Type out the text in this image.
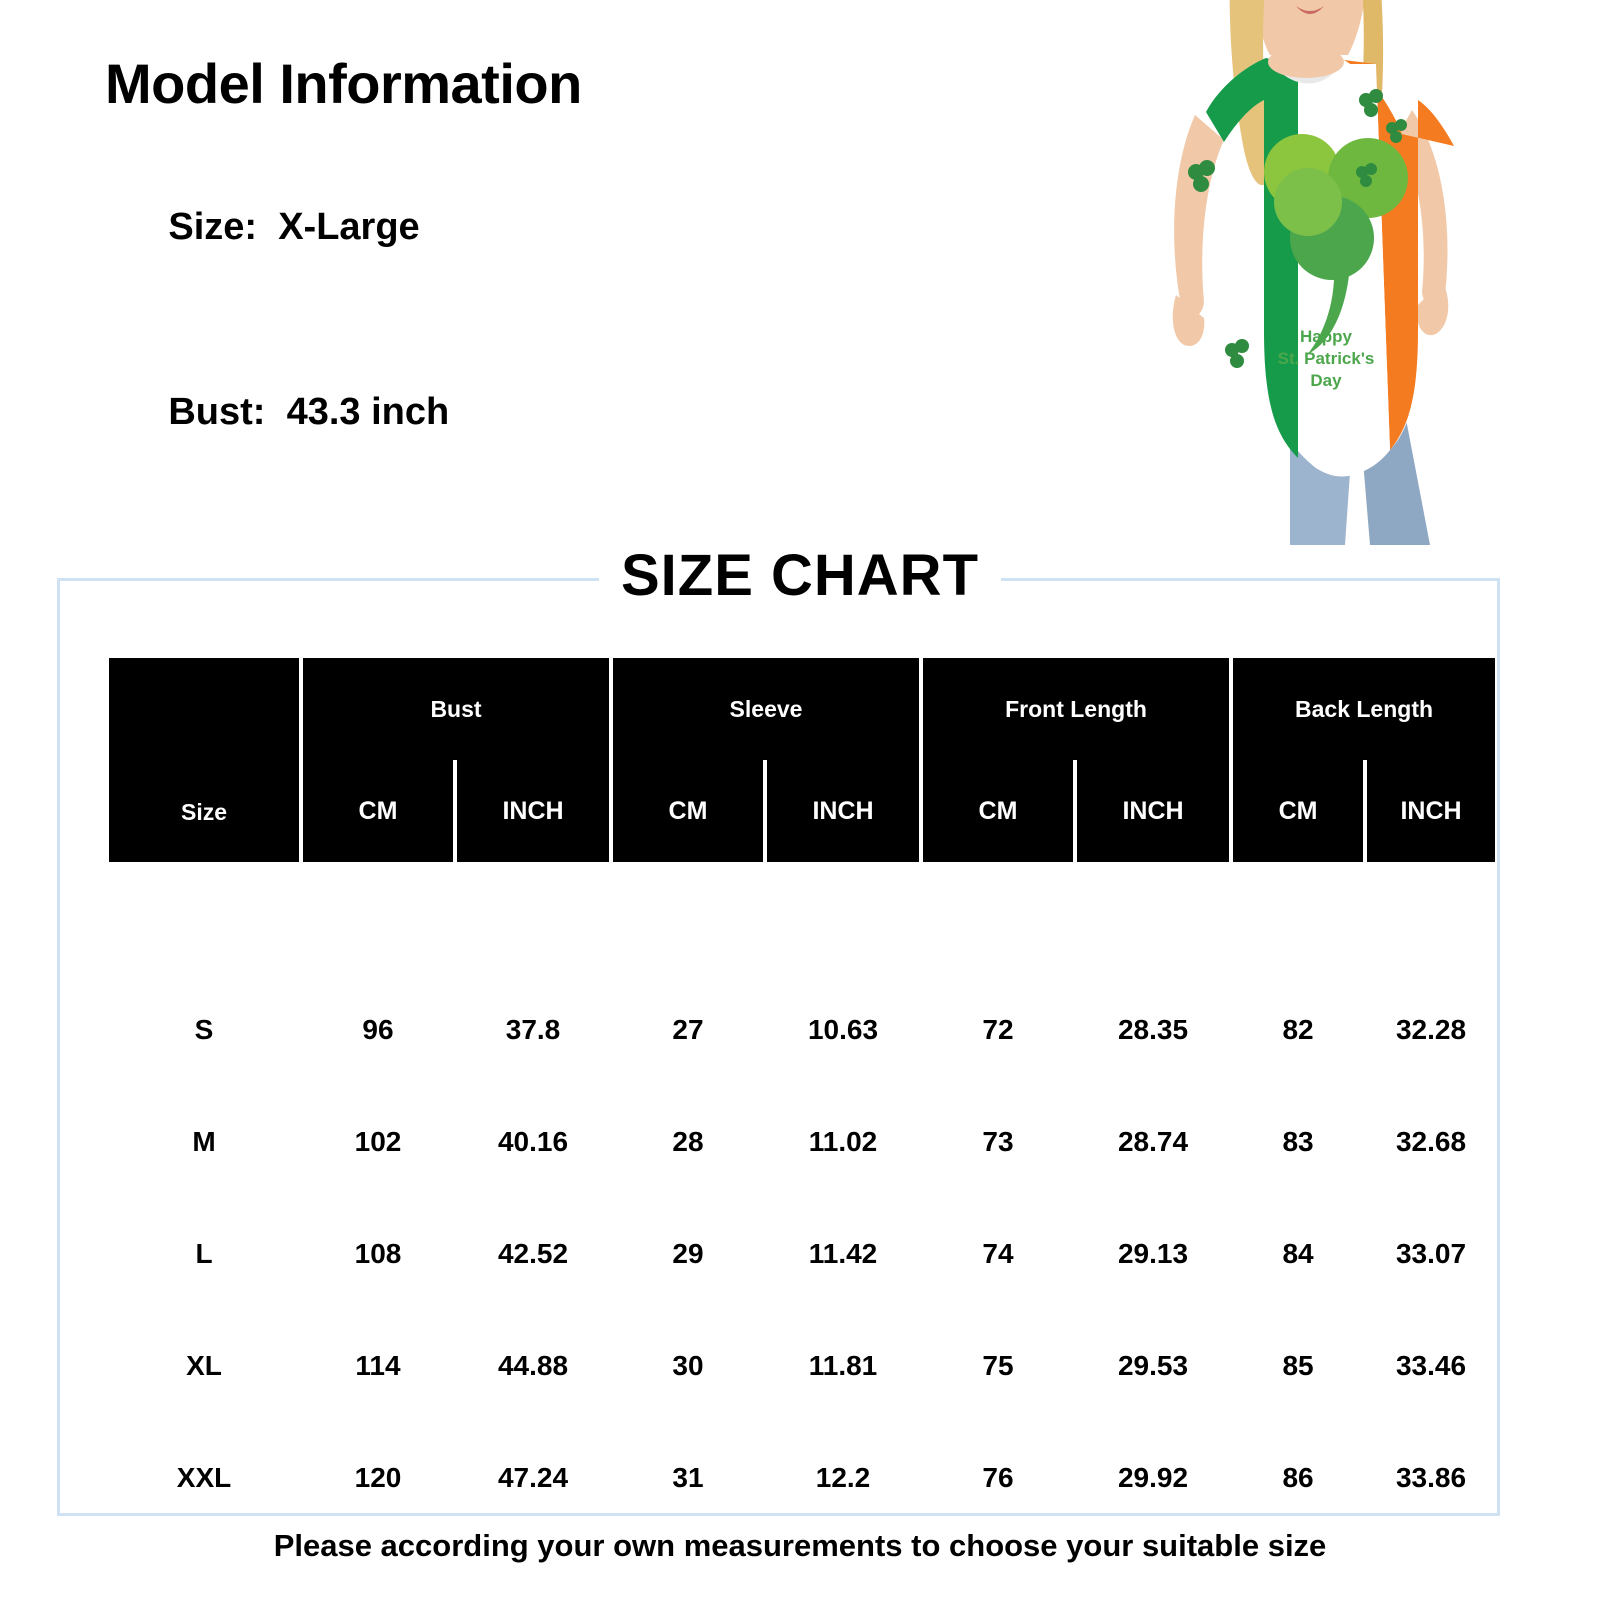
Model Information

Size: X-Large

Bust: 43.3 inch

Happy
St. Patrick's
Day
SIZE CHART
Size	Bust		Sleeve		Front Length		Back Length	
	CM	INCH	CM	INCH	CM	INCH	CM	INCH

S	96	37.8	27	10.63	72	28.35	82	32.28
M	102	40.16	28	11.02	73	28.74	83	32.68
L	108	42.52	29	11.42	74	29.13	84	33.07
XL	114	44.88	30	11.81	75	29.53	85	33.46
XXL	120	47.24	31	12.2	76	29.92	86	33.86
Please according your own measurements to choose your suitable size
